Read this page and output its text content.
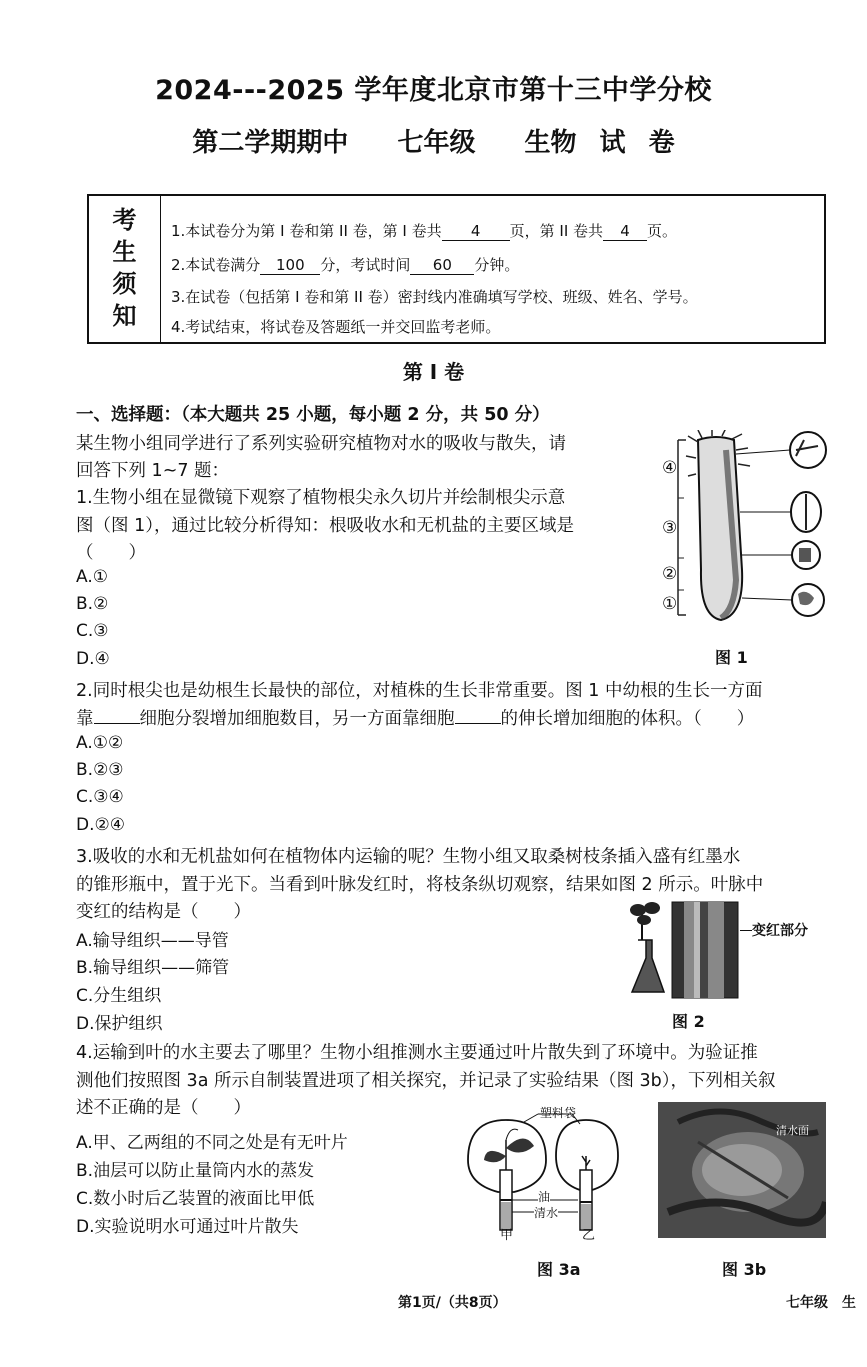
2024---2025 学年度北京市第十三中学分校
第二学期期中　 七年级　 生物 试 卷
考
生
须
知
1.本试卷分为第 I 卷和第 II 卷，第 I 卷共 4 页，第 II 卷共 4 页。
2.本试卷满分 100 分，考试时间 60 分钟。
3.在试卷（包括第 I 卷和第 II 卷）密封线内准确填写学校、班级、姓名、学号。
4.考试结束，将试卷及答题纸一并交回监考老师。
第 I 卷
一、选择题：（本大题共 25 小题，每小题 2 分，共 50 分）
某生物小组同学进行了系列实验研究植物对水的吸收与散失，请
回答下列 1~7 题：
1.生物小组在显微镜下观察了植物根尖永久切片并绘制根尖示意
图（图 1），通过比较分析得知：根吸收水和无机盐的主要区域是
（　　）
A.①
B.②
C.③
D.④
④
③
②
①
图 1
2.同时根尖也是幼根生长最快的部位，对植株的生长非常重要。图 1 中幼根的生长一方面
靠	细胞分裂增加细胞数目，另一方面靠细胞	的伸长增加细胞的体积。（　　）
A.①②
B.②③
C.③④
D.②④
3.吸收的水和无机盐如何在植物体内运输的呢？生物小组又取桑树枝条插入盛有红墨水
的锥形瓶中，置于光下。当看到叶脉发红时，将枝条纵切观察，结果如图 2 所示。叶脉中
变红的结构是（　　）
A.输导组织——导管
B.输导组织——筛管
C.分生组织
D.保护组织
变红部分
图 2
4.运输到叶的水主要去了哪里？生物小组推测水主要通过叶片散失到了环境中。为验证推
测他们按照图 3a 所示自制装置进项了相关探究，并记录了实验结果（图 3b），下列相关叙
述不正确的是（　　）
A.甲、乙两组的不同之处是有无叶片
B.油层可以防止量筒内水的蒸发
C.数小时后乙装置的液面比甲低
D.实验说明水可通过叶片散失
塑料袋
油
清水
甲	乙
图 3a
清水面
图 3b
第1页/（共8页）	七年级　生
